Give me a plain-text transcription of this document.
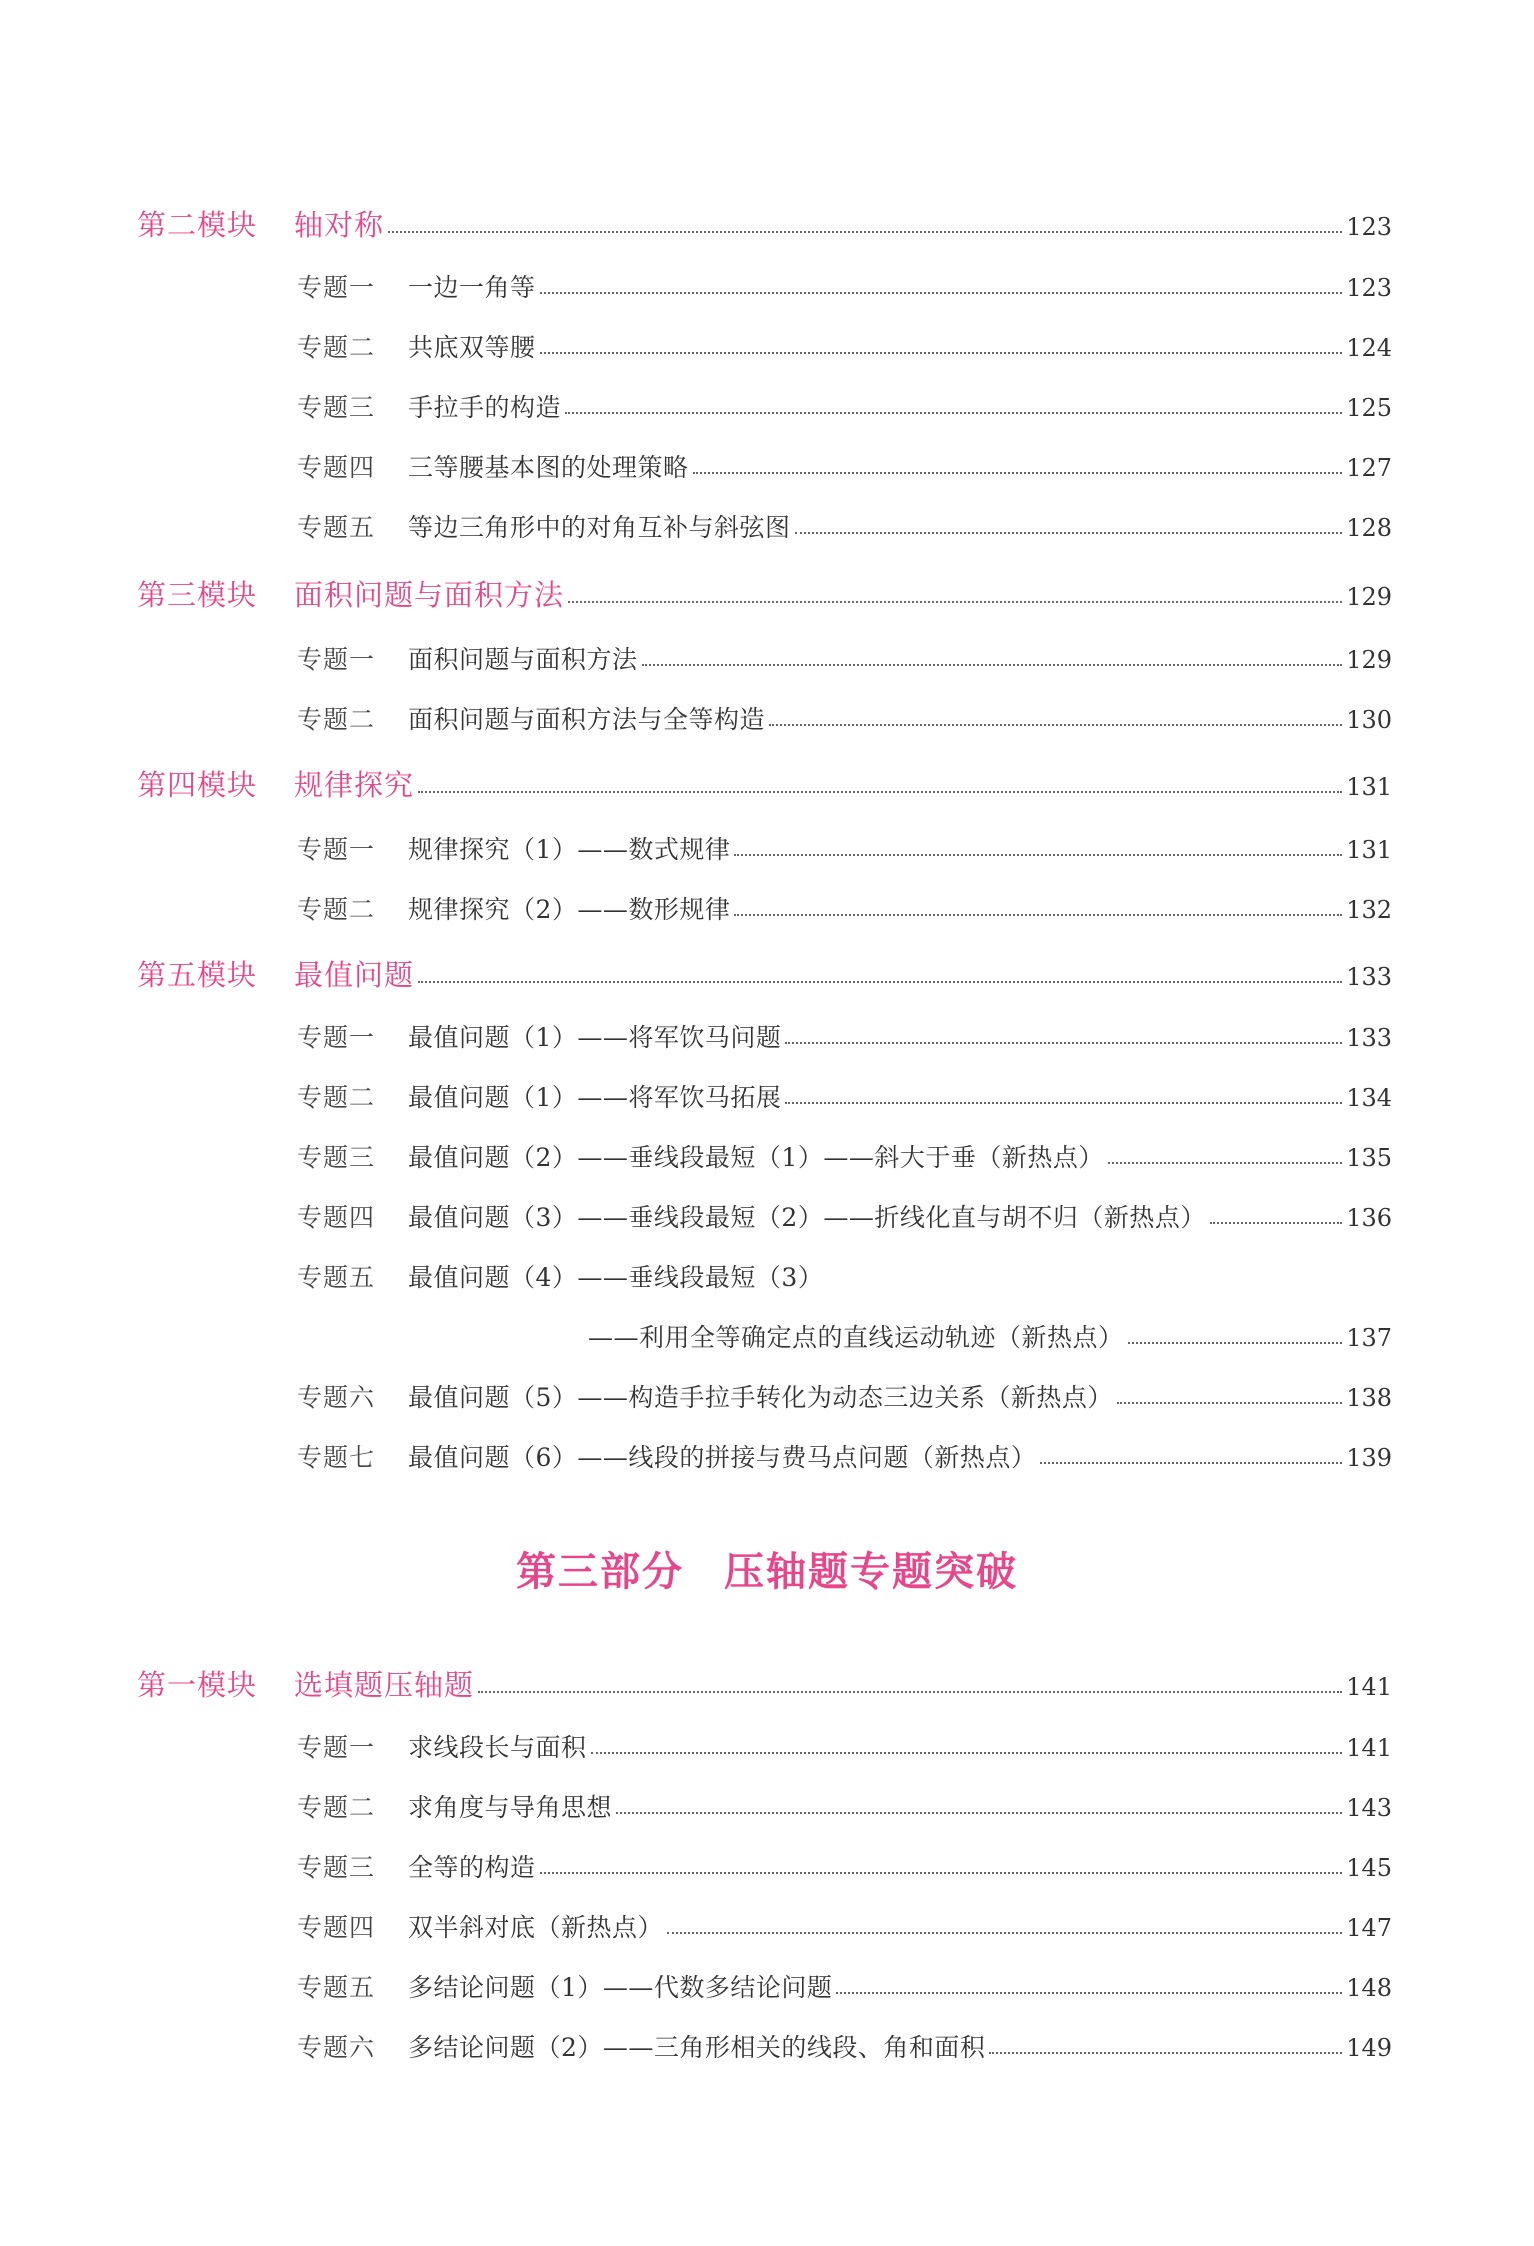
第二模块 轴对称	123
专题一 一边一角等	123
专题二 共底双等腰	124
专题三 手拉手的构造	125
专题四 三等腰基本图的处理策略	127
专题五 等边三角形中的对角互补与斜弦图	128
第三模块 面积问题与面积方法	129
专题一 面积问题与面积方法	129
专题二 面积问题与面积方法与全等构造	130
第四模块 规律探究	131
专题一 规律探究（1）——数式规律	131
专题二 规律探究（2）——数形规律	132
第五模块 最值问题	133
专题一 最值问题（1）——将军饮马问题	133
专题二 最值问题（1）——将军饮马拓展	134
专题三 最值问题（2）——垂线段最短（1）——斜大于垂（新热点）	135
专题四 最值问题（3）——垂线段最短（2）——折线化直与胡不归（新热点）	136
专题五 最值问题（4）——垂线段最短（3）
——利用全等确定点的直线运动轨迹（新热点）	137
专题六 最值问题（5）——构造手拉手转化为动态三边关系（新热点）	138
专题七 最值问题（6）——线段的拼接与费马点问题（新热点）	139
第三部分 压轴题专题突破
第一模块 选填题压轴题	141
专题一 求线段长与面积	141
专题二 求角度与导角思想	143
专题三 全等的构造	145
专题四 双半斜对底（新热点）	147
专题五 多结论问题（1）——代数多结论问题	148
专题六 多结论问题（2）——三角形相关的线段、角和面积	149
